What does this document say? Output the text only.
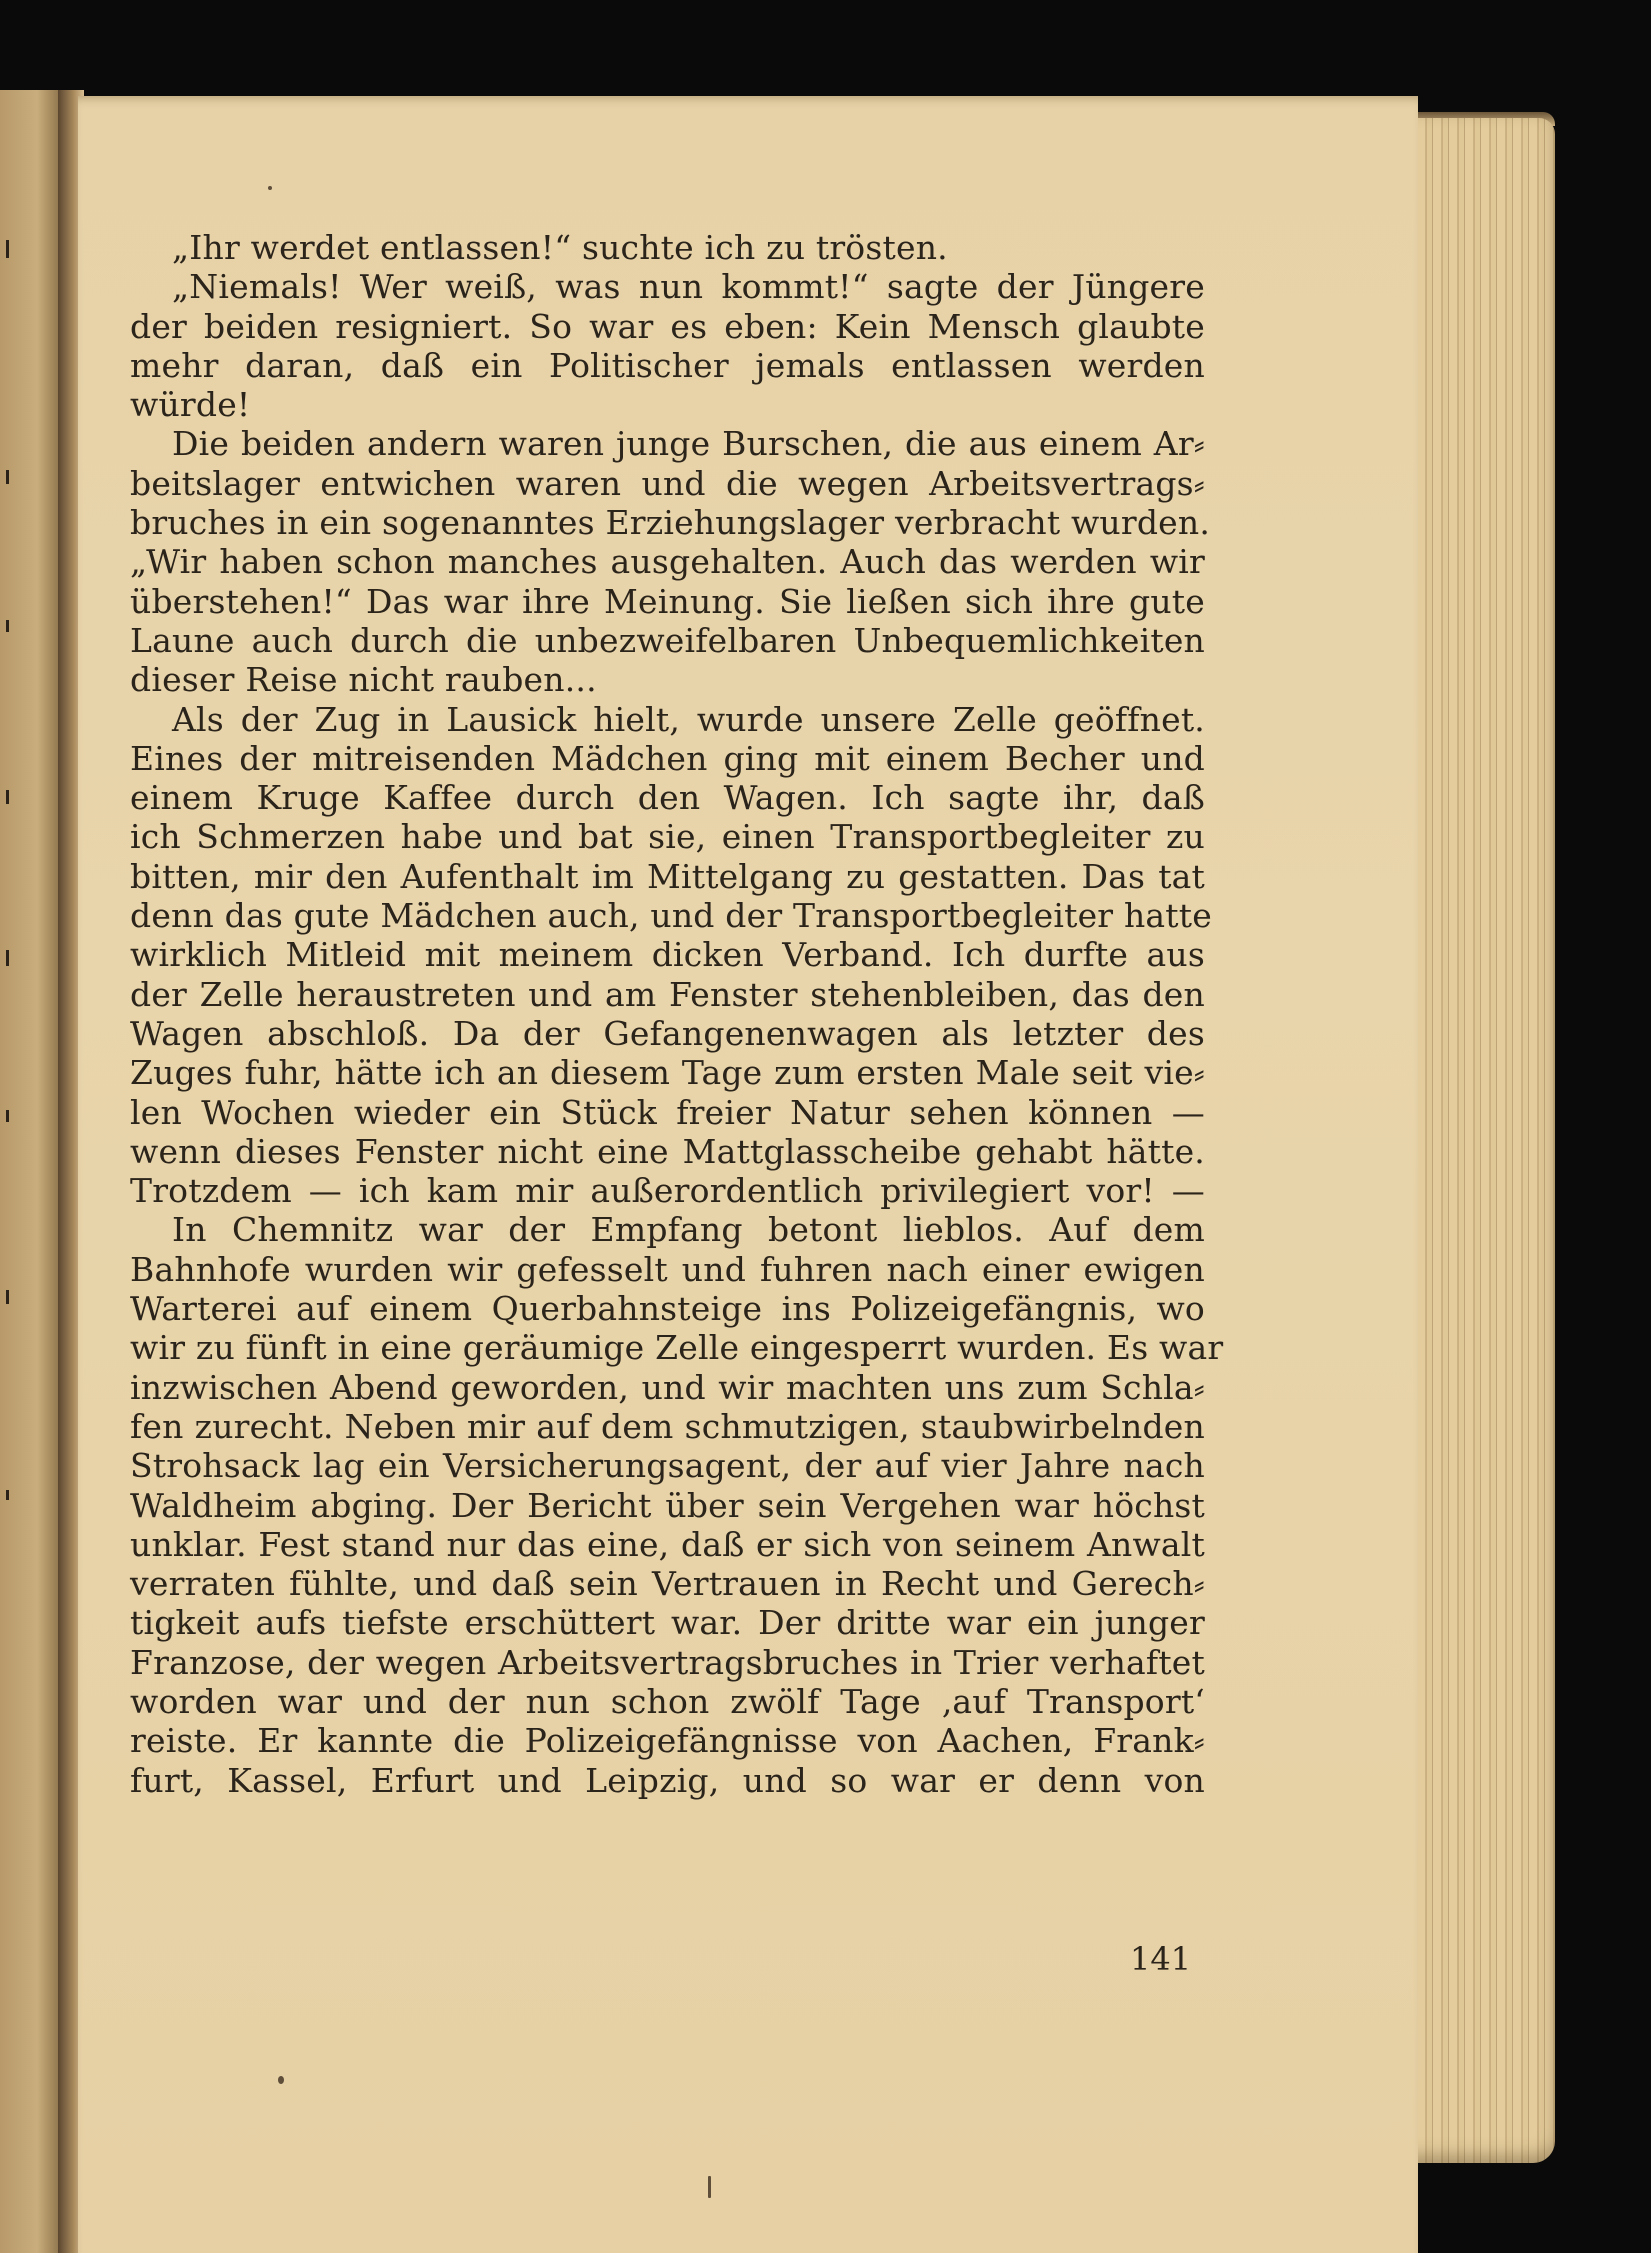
„Ihr werdet entlassen!“ suchte ich zu trösten.
„Niemals! Wer weiß, was nun kommt!“ sagte der Jüngere
der beiden resigniert. So war es eben: Kein Mensch glaubte
mehr daran, daß ein Politischer jemals entlassen werden
würde!
Die beiden andern waren junge Burschen, die aus einem Ar⸗
beitslager entwichen waren und die wegen Arbeitsvertrags⸗
bruches in ein sogenanntes Erziehungslager verbracht wurden.
„Wir haben schon manches ausgehalten. Auch das werden wir
überstehen!“ Das war ihre Meinung. Sie ließen sich ihre gute
Laune auch durch die unbezweifelbaren Unbequemlichkeiten
dieser Reise nicht rauben...
Als der Zug in Lausick hielt, wurde unsere Zelle geöffnet.
Eines der mitreisenden Mädchen ging mit einem Becher und
einem Kruge Kaffee durch den Wagen. Ich sagte ihr, daß
ich Schmerzen habe und bat sie, einen Transportbegleiter zu
bitten, mir den Aufenthalt im Mittelgang zu gestatten. Das tat
denn das gute Mädchen auch, und der Transportbegleiter hatte
wirklich Mitleid mit meinem dicken Verband. Ich durfte aus
der Zelle heraustreten und am Fenster stehenbleiben, das den
Wagen abschloß. Da der Gefangenenwagen als letzter des
Zuges fuhr, hätte ich an diesem Tage zum ersten Male seit vie⸗
len Wochen wieder ein Stück freier Natur sehen können —
wenn dieses Fenster nicht eine Mattglasscheibe gehabt hätte.
Trotzdem — ich kam mir außerordentlich privilegiert vor! —
In Chemnitz war der Empfang betont lieblos. Auf dem
Bahnhofe wurden wir gefesselt und fuhren nach einer ewigen
Warterei auf einem Querbahnsteige ins Polizeigefängnis, wo
wir zu fünft in eine geräumige Zelle eingesperrt wurden. Es war
inzwischen Abend geworden, und wir machten uns zum Schla⸗
fen zurecht. Neben mir auf dem schmutzigen, staubwirbelnden
Strohsack lag ein Versicherungsagent, der auf vier Jahre nach
Waldheim abging. Der Bericht über sein Vergehen war höchst
unklar. Fest stand nur das eine, daß er sich von seinem Anwalt
verraten fühlte, und daß sein Vertrauen in Recht und Gerech⸗
tigkeit aufs tiefste erschüttert war. Der dritte war ein junger
Franzose, der wegen Arbeitsvertragsbruches in Trier verhaftet
worden war und der nun schon zwölf Tage ‚auf Transport‘
reiste. Er kannte die Polizeigefängnisse von Aachen, Frank⸗
furt, Kassel, Erfurt und Leipzig, und so war er denn von
141
